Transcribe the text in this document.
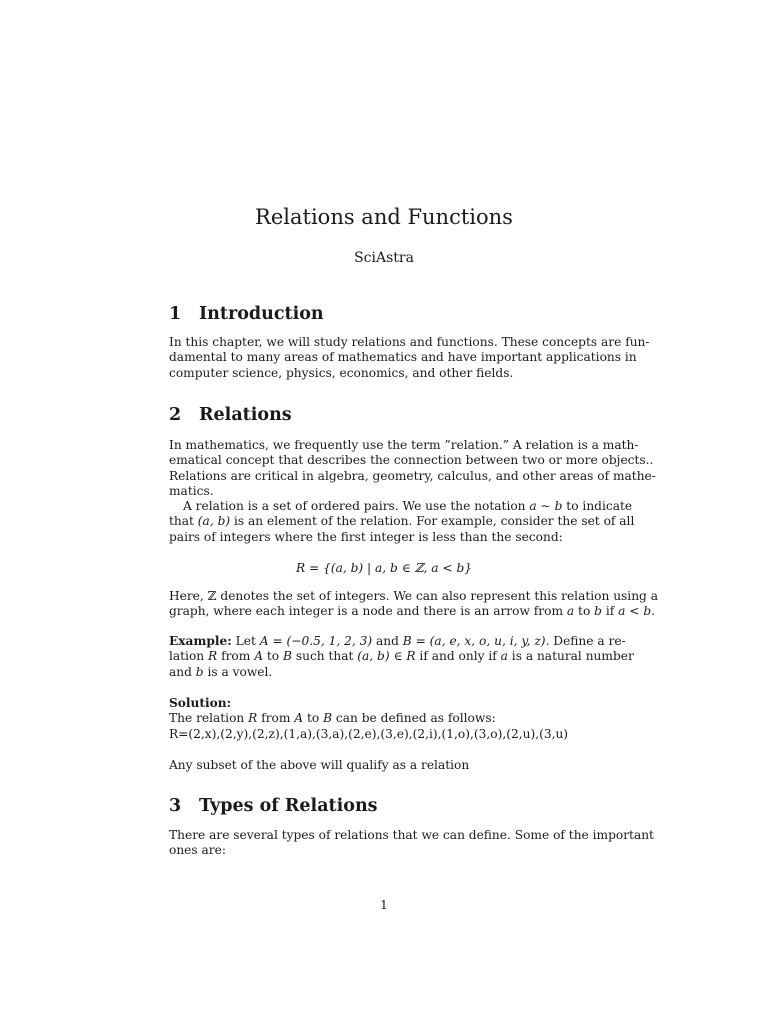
Relations and Functions
SciAstra
1 Introduction
In this chapter, we will study relations and functions. These concepts are fun-
damental to many areas of mathematics and have important applications in
computer science, physics, economics, and other fields.
2 Relations
In mathematics, we frequently use the term ”relation.” A relation is a math-
ematical concept that describes the connection between two or more objects..
Relations are critical in algebra, geometry, calculus, and other areas of mathe-
matics.
A relation is a set of ordered pairs. We use the notation a ∼ b to indicate
that (a, b) is an element of the relation. For example, consider the set of all
pairs of integers where the first integer is less than the second:
R = {(a, b) | a, b ∈ ℤ, a < b}
Here, ℤ denotes the set of integers. We can also represent this relation using a
graph, where each integer is a node and there is an arrow from a to b if a < b.
Example: Let A = (−0.5, 1, 2, 3) and B = (a, e, x, o, u, i, y, z). Define a re-
lation R from A to B such that (a, b) ∈ R if and only if a is a natural number
and b is a vowel.
Solution:
The relation R from A to B can be defined as follows:
R=(2,x),(2,y),(2,z),(1,a),(3,a),(2,e),(3,e),(2,i),(1,o),(3,o),(2,u),(3,u)
Any subset of the above will qualify as a relation
3 Types of Relations
There are several types of relations that we can define. Some of the important
ones are:
1
